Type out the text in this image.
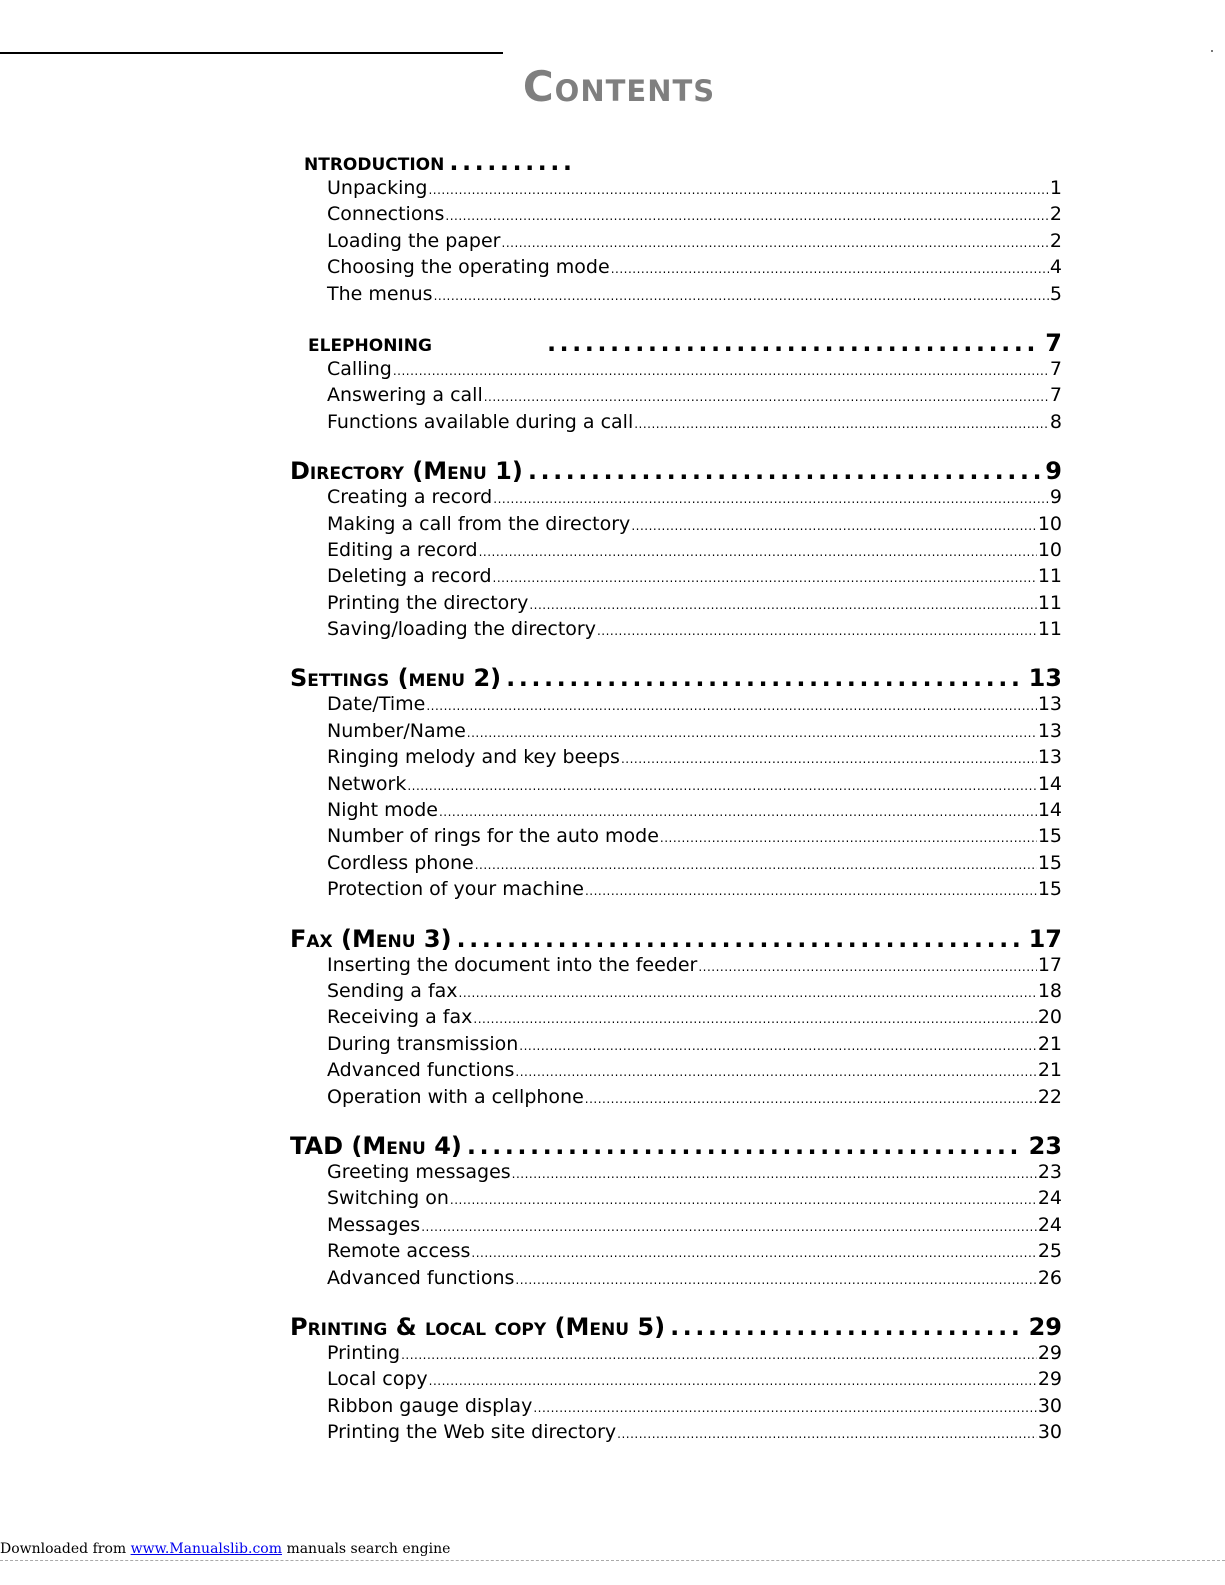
Contents
ntroduction
.....
Unpacking .....	1
Connections .....	2
Loading the paper .....	2
Choosing the operating mode .....	4
The menus .....	5
elephoning .....	7
Calling .....	7
Answering a call .....	7
Functions available during a call .....	8
Directory (Menu 1) .....	9
Creating a record .....	9
Making a call from the directory .....	10
Editing a record .....	10
Deleting a record .....	11
Printing the directory .....	11
Saving/loading the directory .....	11
Settings (menu 2) .....	13
Date/Time .....	13
Number/Name .....	13
Ringing melody and key beeps .....	13
Network .....	14
Night mode .....	14
Number of rings for the auto mode .....	15
Cordless phone .....	15
Protection of your machine .....	15
Fax (Menu 3) .....	17
Inserting the document into the feeder .....	17
Sending a fax .....	18
Receiving a fax .....	20
During transmission .....	21
Advanced functions .....	21
Operation with a cellphone .....	22
TAD (Menu 4) .....	23
Greeting messages .....	23
Switching on .....	24
Messages .....	24
Remote access .....	25
Advanced functions .....	26
Printing & local copy (Menu 5) .....	29
Printing .....	29
Local copy .....	29
Ribbon gauge display .....	30
Printing the Web site directory .....	30
Downloaded from www.Manualslib.com manuals search engine
